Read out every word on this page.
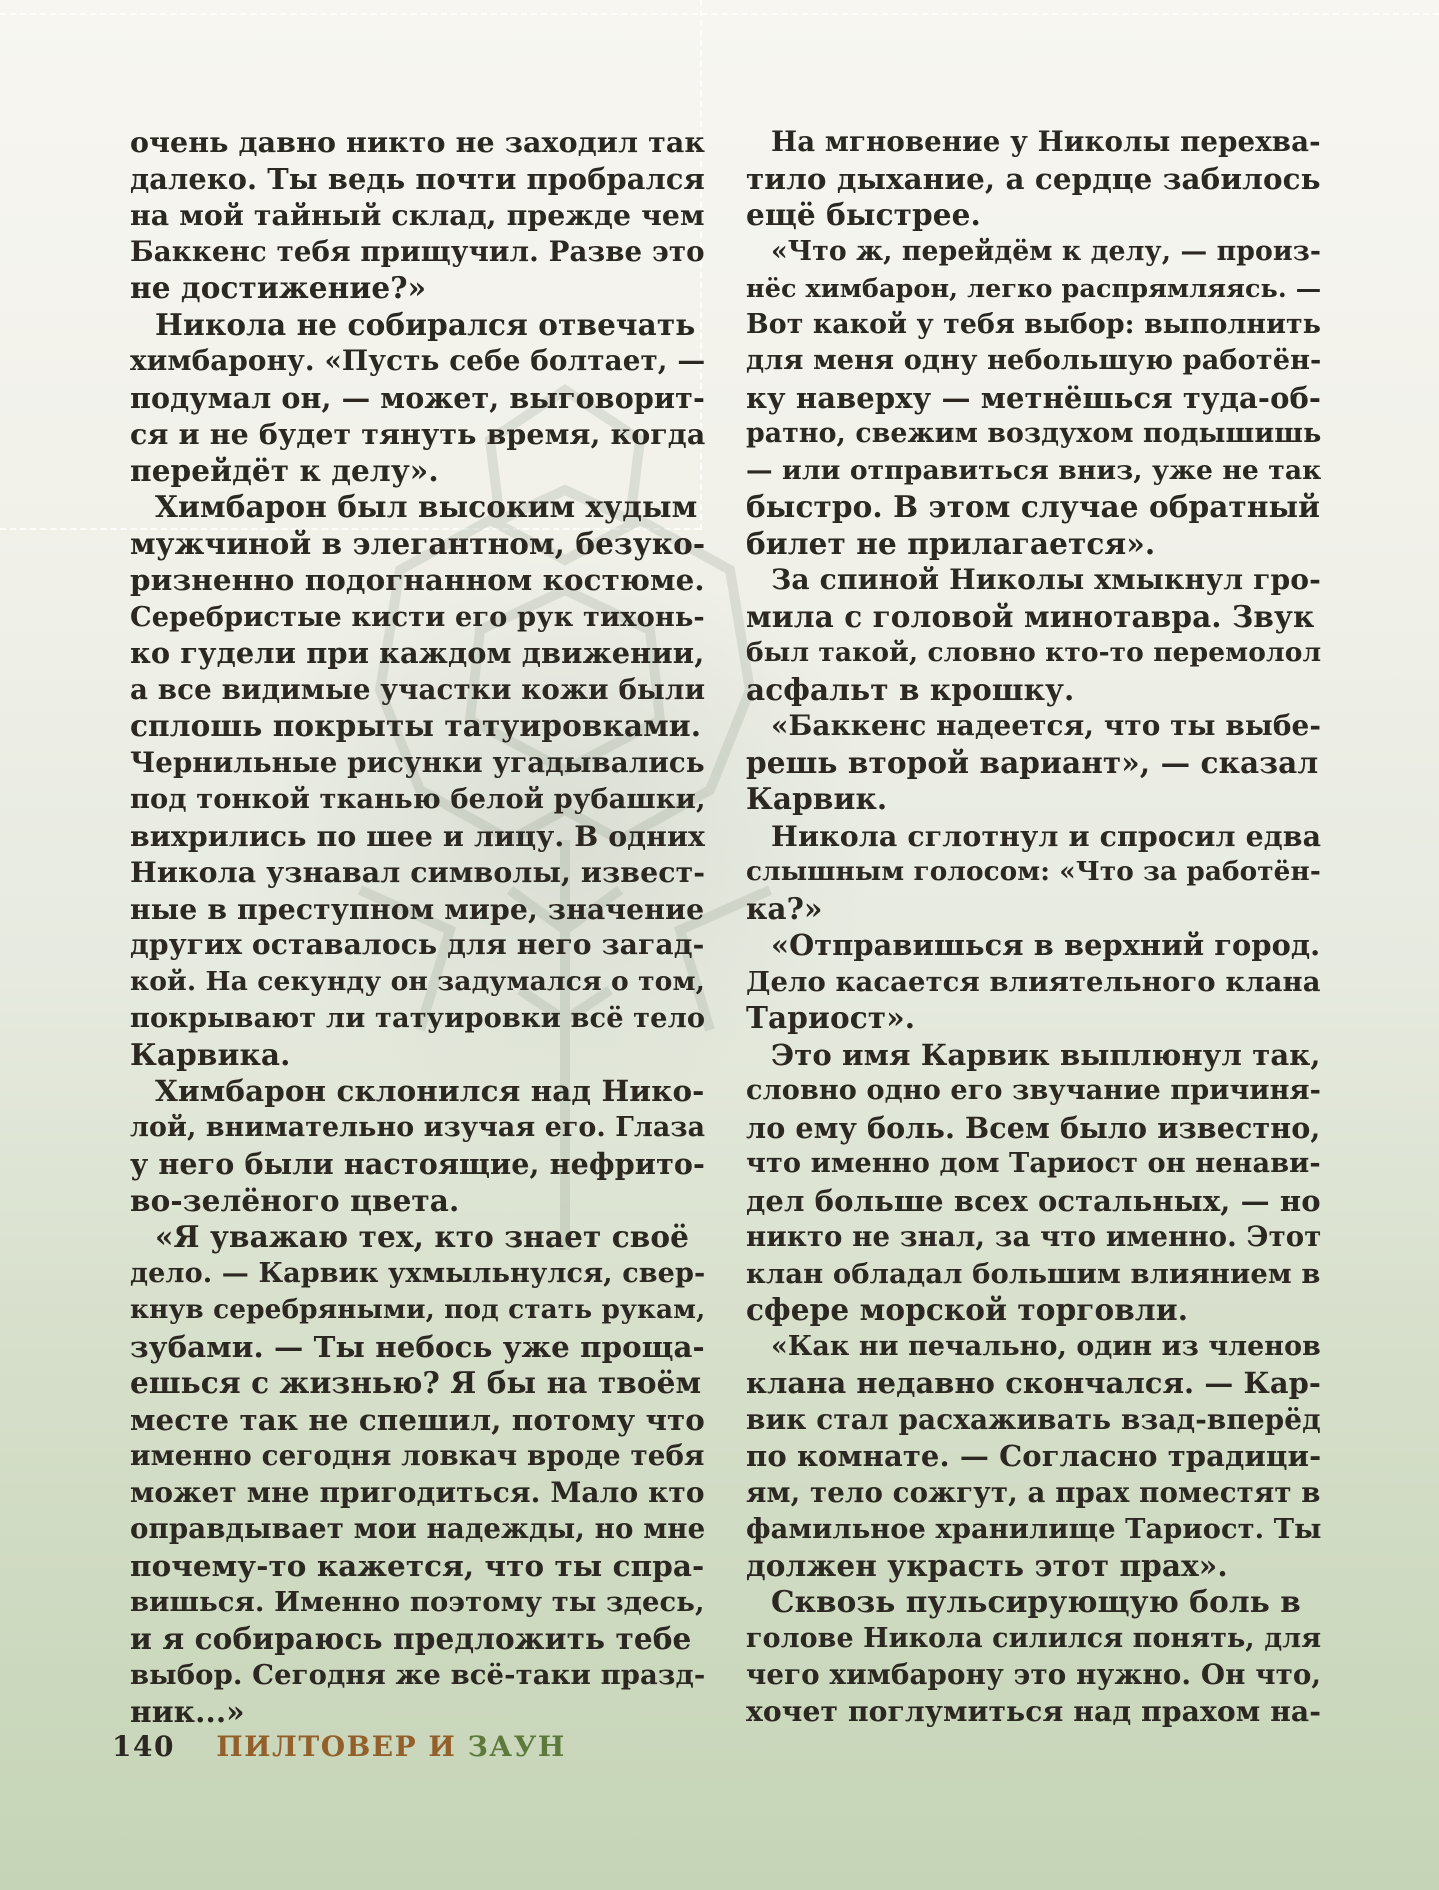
очень давно никто не заходил так
далеко. Ты ведь почти пробрался
на мой тайный склад, прежде чем
Баккенс тебя прищучил. Разве это
не достижение?»
Никола не собирался отвечать
химбарону. «Пусть себе болтает, —
подумал он, — может, выговорит-
ся и не будет тянуть время, когда
перейдёт к делу».
Химбарон был высоким худым
мужчиной в элегантном, безуко-
ризненно подогнанном костюме.
Серебристые кисти его рук тихонь-
ко гудели при каждом движении,
а все видимые участки кожи были
сплошь покрыты татуировками.
Чернильные рисунки угадывались
под тонкой тканью белой рубашки,
вихрились по шее и лицу. В одних
Никола узнавал символы, извест-
ные в преступном мире, значение
других оставалось для него загад-
кой. На секунду он задумался о том,
покрывают ли татуировки всё тело
Карвика.
Химбарон склонился над Нико-
лой, внимательно изучая его. Глаза
у него были настоящие, нефрито-
во-зелёного цвета.
«Я уважаю тех, кто знает своё
дело. — Карвик ухмыльнулся, свер-
кнув серебряными, под стать рукам,
зубами. — Ты небось уже проща-
ешься с жизнью? Я бы на твоём
месте так не спешил, потому что
именно сегодня ловкач вроде тебя
может мне пригодиться. Мало кто
оправдывает мои надежды, но мне
почему-то кажется, что ты спра-
вишься. Именно поэтому ты здесь,
и я собираюсь предложить тебе
выбор. Сегодня же всё-таки празд-
ник...»
На мгновение у Николы перехва-
тило дыхание, а сердце забилось
ещё быстрее.
«Что ж, перейдём к делу, — произ-
нёс химбарон, легко распрямляясь. —
Вот какой у тебя выбор: выполнить
для меня одну небольшую работён-
ку наверху — метнёшься туда-об-
ратно, свежим воздухом подышишь
— или отправиться вниз, уже не так
быстро. В этом случае обратный
билет не прилагается».
За спиной Николы хмыкнул гро-
мила с головой минотавра. Звук
был такой, словно кто-то перемолол
асфальт в крошку.
«Баккенс надеется, что ты выбе-
решь второй вариант», — сказал
Карвик.
Никола сглотнул и спросил едва
слышным голосом: «Что за работён-
ка?»
«Отправишься в верхний город.
Дело касается влиятельного клана
Тариост».
Это имя Карвик выплюнул так,
словно одно его звучание причиня-
ло ему боль. Всем было известно,
что именно дом Тариост он ненави-
дел больше всех остальных, — но
никто не знал, за что именно. Этот
клан обладал большим влиянием в
сфере морской торговли.
«Как ни печально, один из членов
клана недавно скончался. — Кар-
вик стал расхаживать взад-вперёд
по комнате. — Согласно традици-
ям, тело сожгут, а прах поместят в
фамильное хранилище Тариост. Ты
должен украсть этот прах».
Сквозь пульсирующую боль в
голове Никола силился понять, для
чего химбарону это нужно. Он что,
хочет поглумиться над прахом на-
140 ПИЛТОВЕР И ЗАУН
